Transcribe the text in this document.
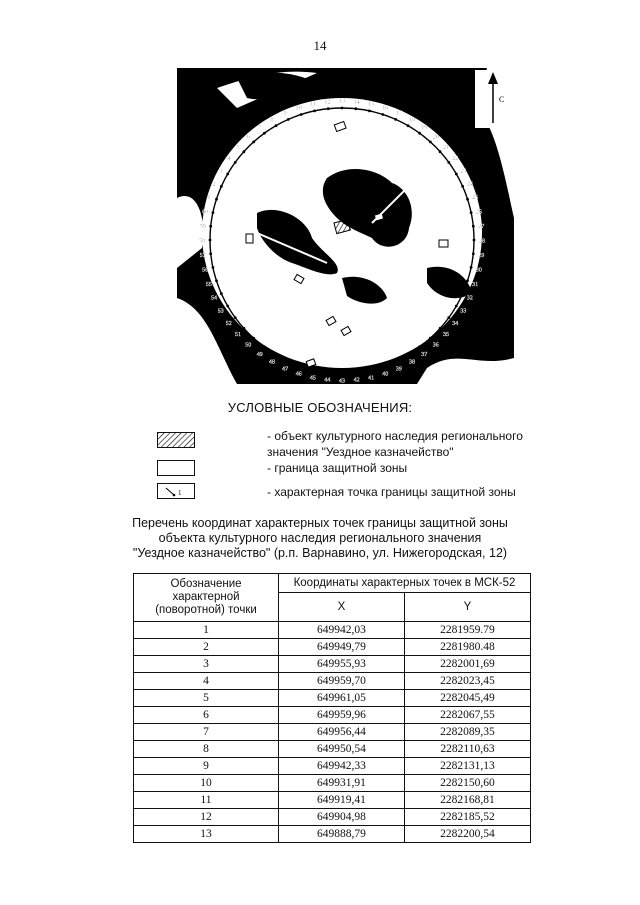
14
1
2
3
4
5
6
7
8
9
10
11 12 13 14 15
16
17
18
19
20
21
22
23
24
25
26
27
28
29
30
31
32
33
34
35
36
37
38
39
40
41
42
43
44
45
46
47
48
49
50
51
52
53
54
55
56
57
58
59
60
С
УСЛОВНЫЕ ОБОЗНАЧЕНИЯ:
- объект культурного наследия регионального
значения "Уездное казначейство"
- граница защитной зоны
1	- характерная точка границы защитной зоны
Перечень координат характерных точек границы защитной зоны
объекта культурного наследия регионального значения
"Уездное казначейство" (р.п. Варнавино, ул. Нижегородская, 12)
Обозначение
характерной
(поворотной) точки	Координаты характерных точек в МСК-52	
	X	Y
1	649942,03	2281959.79
2	649949,79	2281980.48
3	649955,93	2282001,69
4	649959,70	2282023,45
5	649961,05	2282045,49
6	649959,96	2282067,55
7	649956,44	2282089,35
8	649950,54	2282110,63
9	649942,33	2282131,13
10	649931,91	2282150,60
11	649919,41	2282168,81
12	649904,98	2282185,52
13	649888,79	2282200,54
